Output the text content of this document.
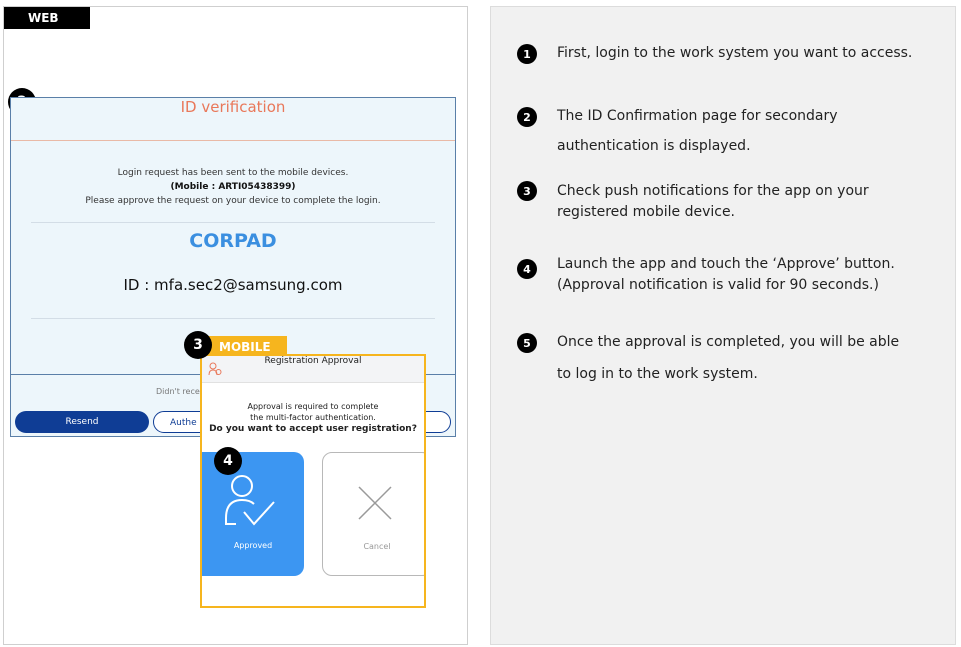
WEB
ID verification
Login request has been sent to the mobile devices.
(Mobile : ARTI05438399)
Please approve the request on your device to complete the login.
CORPAD
ID : mfa.sec2@samsung.com
Didn't rece
Resend	Authe
3	MOBILE
Registration Approval
Approval is required to complete
the multi-factor authentication.
Do you want to accept user registration?
Approved	Cancel
4
1	First, login to the work system you want to access.
2	The ID Confirmation page for secondary
authentication is displayed.
3	Check push notifications for the app on your
registered mobile device.
4	Launch the app and touch the ‘Approve’ button.
(Approval notification is valid for 90 seconds.)
5	Once the approval is completed, you will be able
to log in to the work system.
